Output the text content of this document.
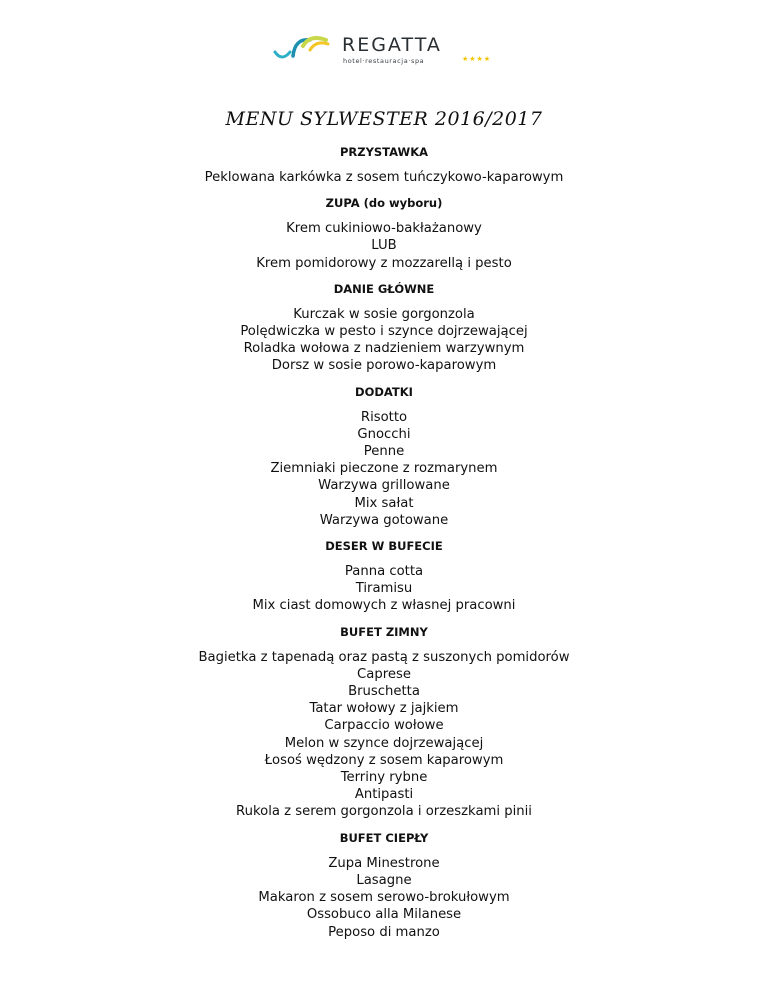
REGATTA
hotel·restauracja·spa	★★★★
MENU SYLWESTER 2016/2017
PRZYSTAWKA
Peklowana karkówka z sosem tuńczykowo-kaparowym
ZUPA (do wyboru)
Krem cukiniowo-bakłażanowy
LUB
Krem pomidorowy z mozzarellą i pesto
DANIE GŁÓWNE
Kurczak w sosie gorgonzola
Polędwiczka w pesto i szynce dojrzewającej
Roladka wołowa z nadzieniem warzywnym
Dorsz w sosie porowo-kaparowym
DODATKI
Risotto
Gnocchi
Penne
Ziemniaki pieczone z rozmarynem
Warzywa grillowane
Mix sałat
Warzywa gotowane
DESER W BUFECIE
Panna cotta
Tiramisu
Mix ciast domowych z własnej pracowni
BUFET ZIMNY
Bagietka z tapenadą oraz pastą z suszonych pomidorów
Caprese
Bruschetta
Tatar wołowy z jajkiem
Carpaccio wołowe
Melon w szynce dojrzewającej
Łosoś wędzony z sosem kaparowym
Terriny rybne
Antipasti
Rukola z serem gorgonzola i orzeszkami pinii
BUFET CIEPŁY
Zupa Minestrone
Lasagne
Makaron z sosem serowo-brokułowym
Ossobuco alla Milanese
Peposo di manzo
